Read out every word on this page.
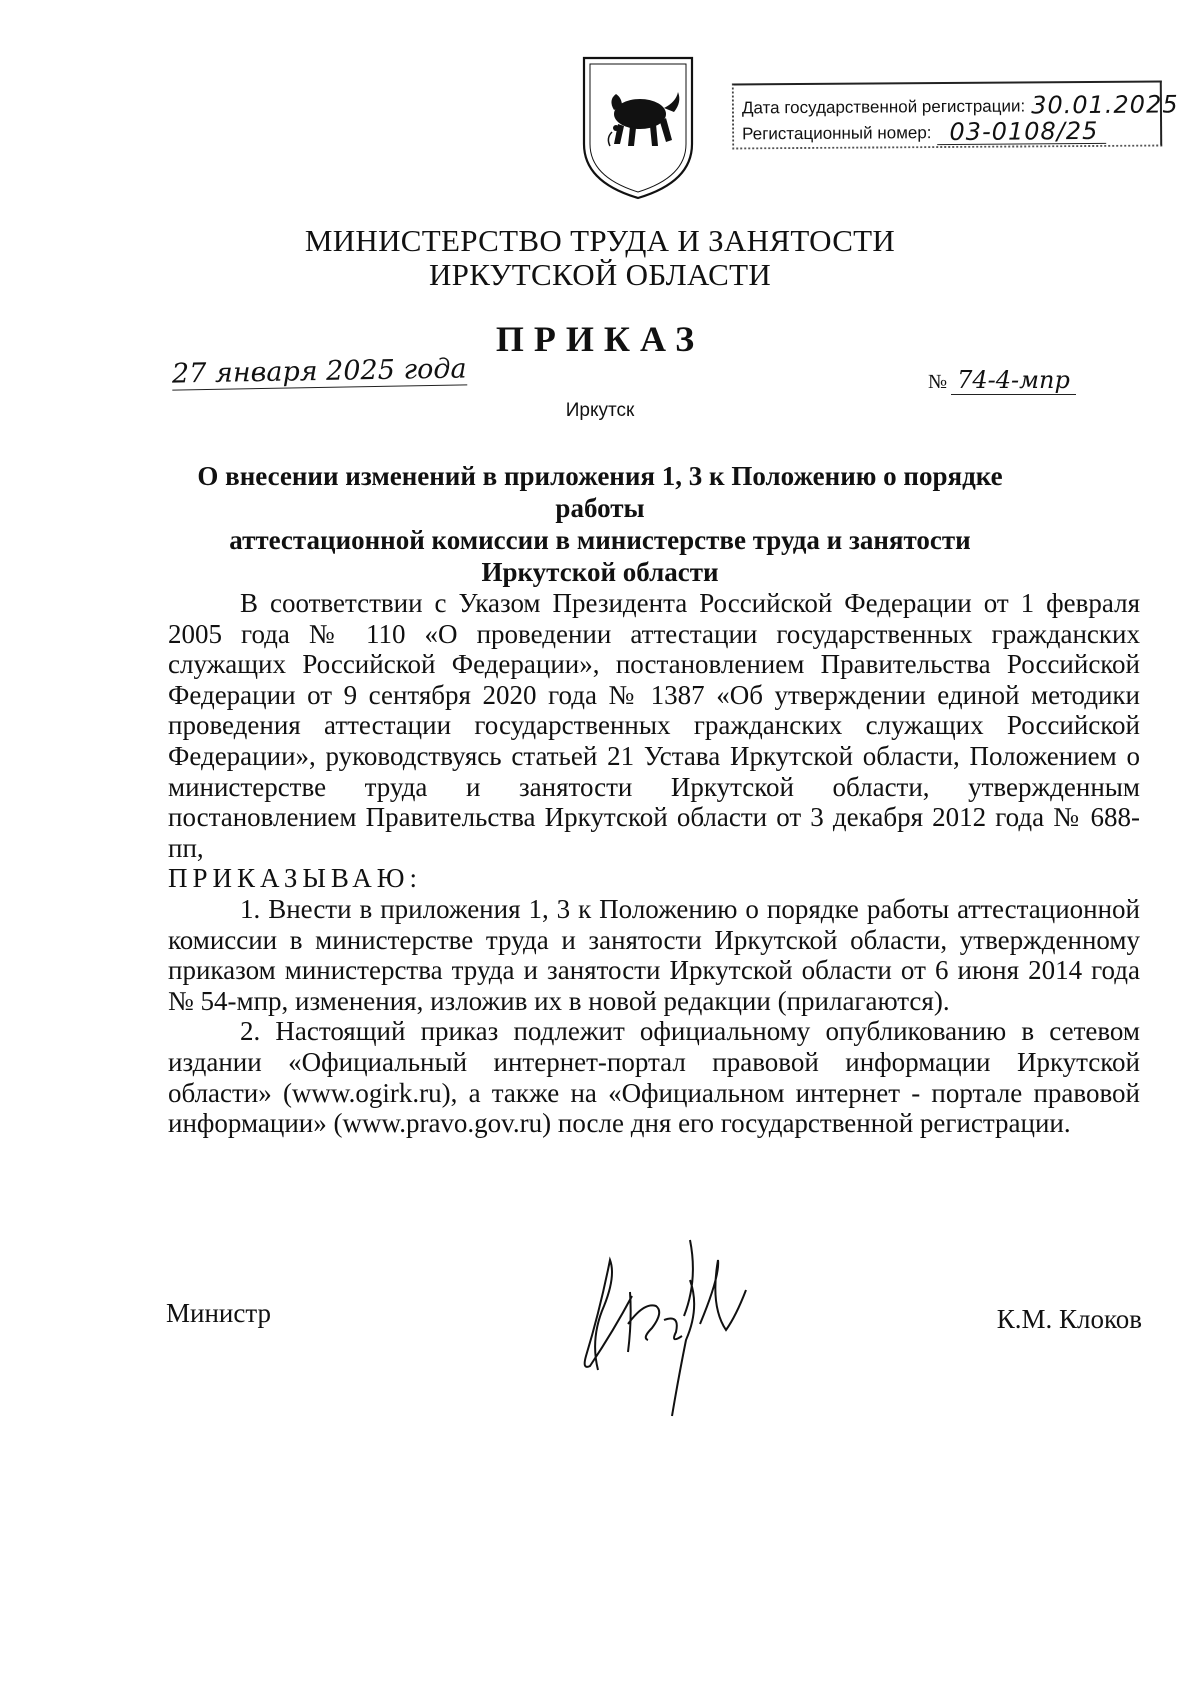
Дата государственной регистрации: 30.01.2025
Регистационный номер: 03-0108/25
МИНИСТЕРСТВО ТРУДА И ЗАНЯТОСТИ
ИРКУТСКОЙ ОБЛАСТИ
ПРИКАЗ
27 января 2025 года	№ 74-4-мпр
Иркутск
О внесении изменений в приложения 1, 3 к Положению о порядке работы
аттестационной комиссии в министерстве труда и занятости
Иркутской области

В соответствии с Указом Президента Российской Федерации от 1 февраля 2005 года № 110 «О проведении аттестации государственных гражданских служащих Российской Федерации», постановлением Правительства Российской Федерации от 9 сентября 2020 года № 1387 «Об утверждении единой методики проведения аттестации государственных гражданских служащих Российской Федерации», руководствуясь статьей 21 Устава Иркутской области, Положением о министерстве труда и занятости Иркутской области, утвержденным постановлением Правительства Иркутской области от 3 декабря 2012 года № 688-пп,

ПРИКАЗЫВАЮ:

1. Внести в приложения 1, 3 к Положению о порядке работы аттестационной комиссии в министерстве труда и занятости Иркутской области, утвержденному приказом министерства труда и занятости Иркутской области от 6 июня 2014 года № 54-мпр, изменения, изложив их в новой редакции (прилагаются).

2. Настоящий приказ подлежит официальному опубликованию в сетевом издании «Официальный интернет-портал правовой информации Иркутской области» (www.ogirk.ru), а также на «Официальном интернет - портале правовой информации» (www.pravo.gov.ru) после дня его государственной регистрации.

Министр	К.М. Клоков
